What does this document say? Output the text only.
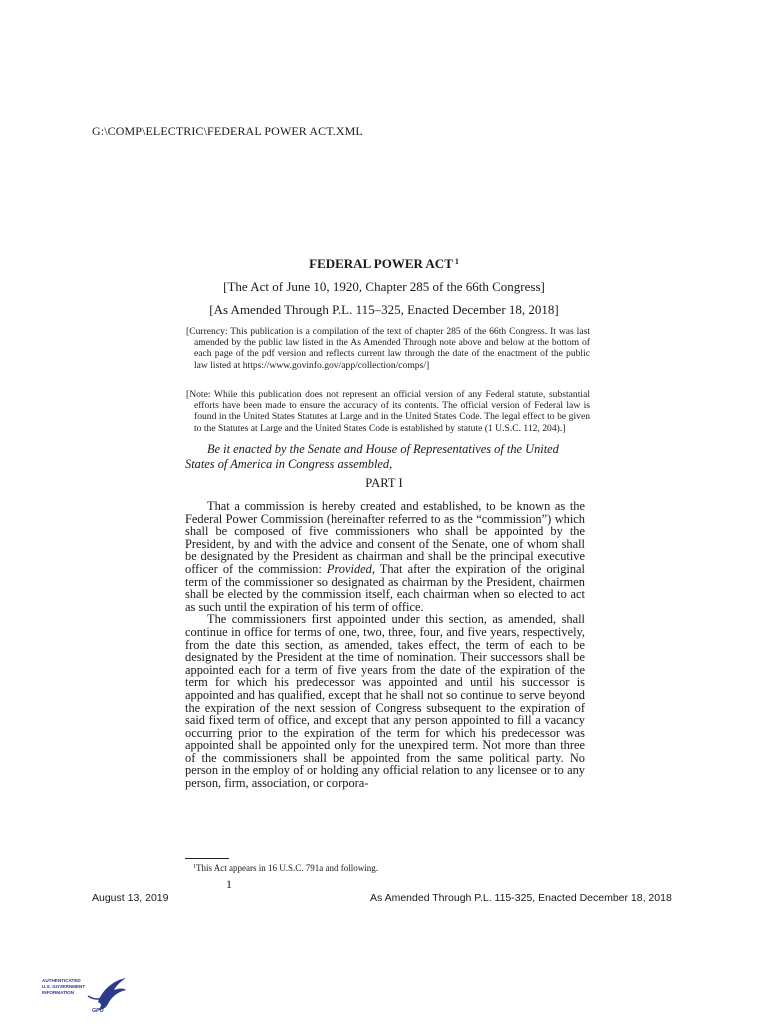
G:\COMP\ELECTRIC\FEDERAL POWER ACT.XML
FEDERAL POWER ACT $^1$
[The Act of June 10, 1920, Chapter 285 of the 66th Congress]
[As Amended Through P.L. 115–325, Enacted December 18, 2018]

[Currency: This publication is a compilation of the text of chapter 285 of the 66th Congress. It was last amended by the public law listed in the As Amended Through note above and below at the bottom of each page of the pdf version and reflects current law through the date of the enactment of the public law listed at https://www.govinfo.gov/app/collection/comps/]

[Note: While this publication does not represent an official version of any Federal statute, substantial efforts have been made to ensure the accuracy of its contents. The official version of Federal law is found in the United States Statutes at Large and in the United States Code. The legal effect to be given to the Statutes at Large and the United States Code is established by statute (1 U.S.C. 112, 204).]

Be it enacted by the Senate and House of Representatives of the United States of America in Congress assembled,
PART I

That a commission is hereby created and established, to be known as the Federal Power Commission (hereinafter referred to as the “commission”) which shall be composed of five commissioners who shall be appointed by the President, by and with the advice and consent of the Senate, one of whom shall be designated by the President as chairman and shall be the principal executive officer of the commission: Provided, That after the expiration of the original term of the commissioner so designated as chairman by the President, chairmen shall be elected by the commission itself, each chairman when so elected to act as such until the expiration of his term of office.

The commissioners first appointed under this section, as amended, shall continue in office for terms of one, two, three, four, and five years, respectively, from the date this section, as amended, takes effect, the term of each to be designated by the President at the time of nomination. Their successors shall be appointed each for a term of five years from the date of the expiration of the term for which his predecessor was appointed and until his successor is appointed and has qualified, except that he shall not so continue to serve beyond the expiration of the next session of Congress subsequent to the expiration of said fixed term of office, and except that any person appointed to fill a vacancy occurring prior to the expiration of the term for which his predecessor was appointed shall be appointed only for the unexpired term. Not more than three of the commissioners shall be appointed from the same political party. No person in the employ of or holding any official relation to any licensee or to any person, firm, association, or corpora-

$^1$This Act appears in 16 U.S.C. 791a and following.
1
August 13, 2019	As Amended Through P.L. 115-325, Enacted December 18, 2018
AUTHENTICATED
U.S. GOVERNMENT
INFORMATION
GPO
